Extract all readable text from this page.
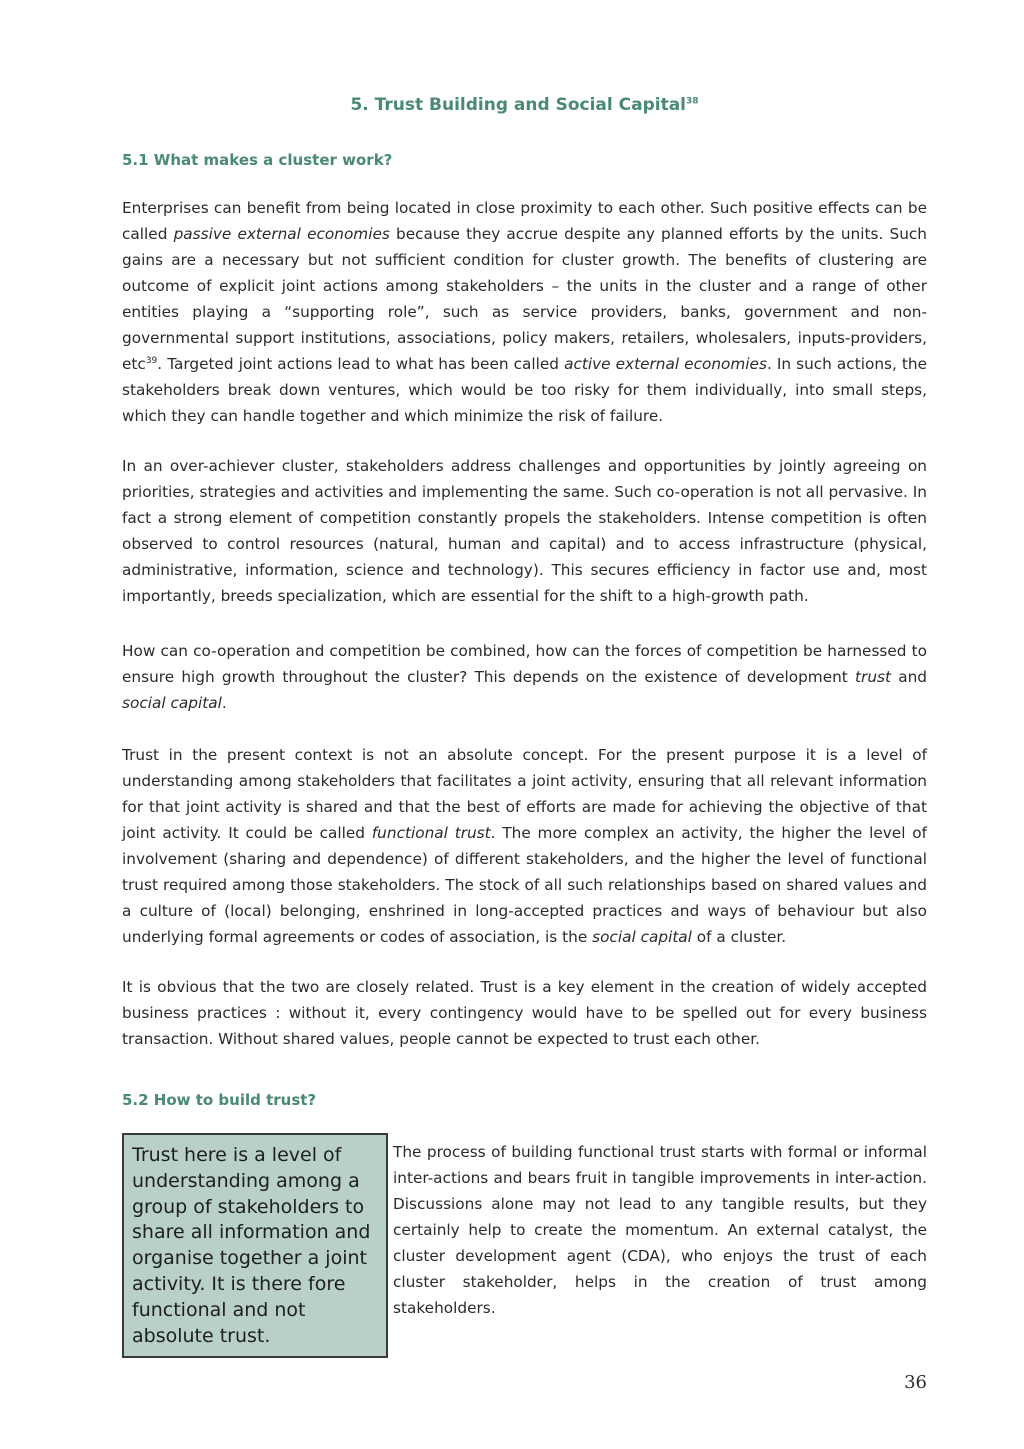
5. Trust Building and Social Capital$^{38}$
5.1 What makes a cluster work?

Enterprises can benefit from being located in close proximity to each other. Such positive effects can be called passive external economies because they accrue despite any planned efforts by the units. Such gains are a necessary but not sufficient condition for cluster growth. The benefits of clustering are outcome of explicit joint actions among stakeholders – the units in the cluster and a range of other entities playing a “supporting role”, such as service providers, banks, government and non-governmental support institutions, associations, policy makers, retailers, wholesalers, inputs-providers, etc$^{39}$. Targeted joint actions lead to what has been called active external economies. In such actions, the stakeholders break down ventures, which would be too risky for them individually, into small steps, which they can handle together and which minimize the risk of failure.

In an over-achiever cluster, stakeholders address challenges and opportunities by jointly agreeing on priorities, strategies and activities and implementing the same. Such co-operation is not all pervasive. In fact a strong element of competition constantly propels the stakeholders. Intense competition is often observed to control resources (natural, human and capital) and to access infrastructure (physical, administrative, information, science and technology). This secures efficiency in factor use and, most importantly, breeds specialization, which are essential for the shift to a high-growth path.

How can co-operation and competition be combined, how can the forces of competition be harnessed to ensure high growth throughout the cluster? This depends on the existence of development trust and social capital.

Trust in the present context is not an absolute concept. For the present purpose it is a level of understanding among stakeholders that facilitates a joint activity, ensuring that all relevant information for that joint activity is shared and that the best of efforts are made for achieving the objective of that joint activity. It could be called functional trust. The more complex an activity, the higher the level of involvement (sharing and dependence) of different stakeholders, and the higher the level of functional trust required among those stakeholders. The stock of all such relationships based on shared values and a culture of (local) belonging, enshrined in long-accepted practices and ways of behaviour but also underlying formal agreements or codes of association, is the social capital of a cluster.

It is obvious that the two are closely related. Trust is a key element in the creation of widely accepted business practices : without it, every contingency would have to be spelled out for every business transaction. Without shared values, people cannot be expected to trust each other.

5.2 How to build trust?
Trust here is a level of understanding among a group of stakeholders to share all information and organise together a joint activity. It is there fore functional and not absolute trust.

The process of building functional trust starts with formal or informal inter-actions and bears fruit in tangible improvements in inter-action. Discussions alone may not lead to any tangible results, but they certainly help to create the momentum. An external catalyst, the cluster development agent (CDA), who enjoys the trust of each cluster stakeholder, helps in the creation of trust among stakeholders.

36
